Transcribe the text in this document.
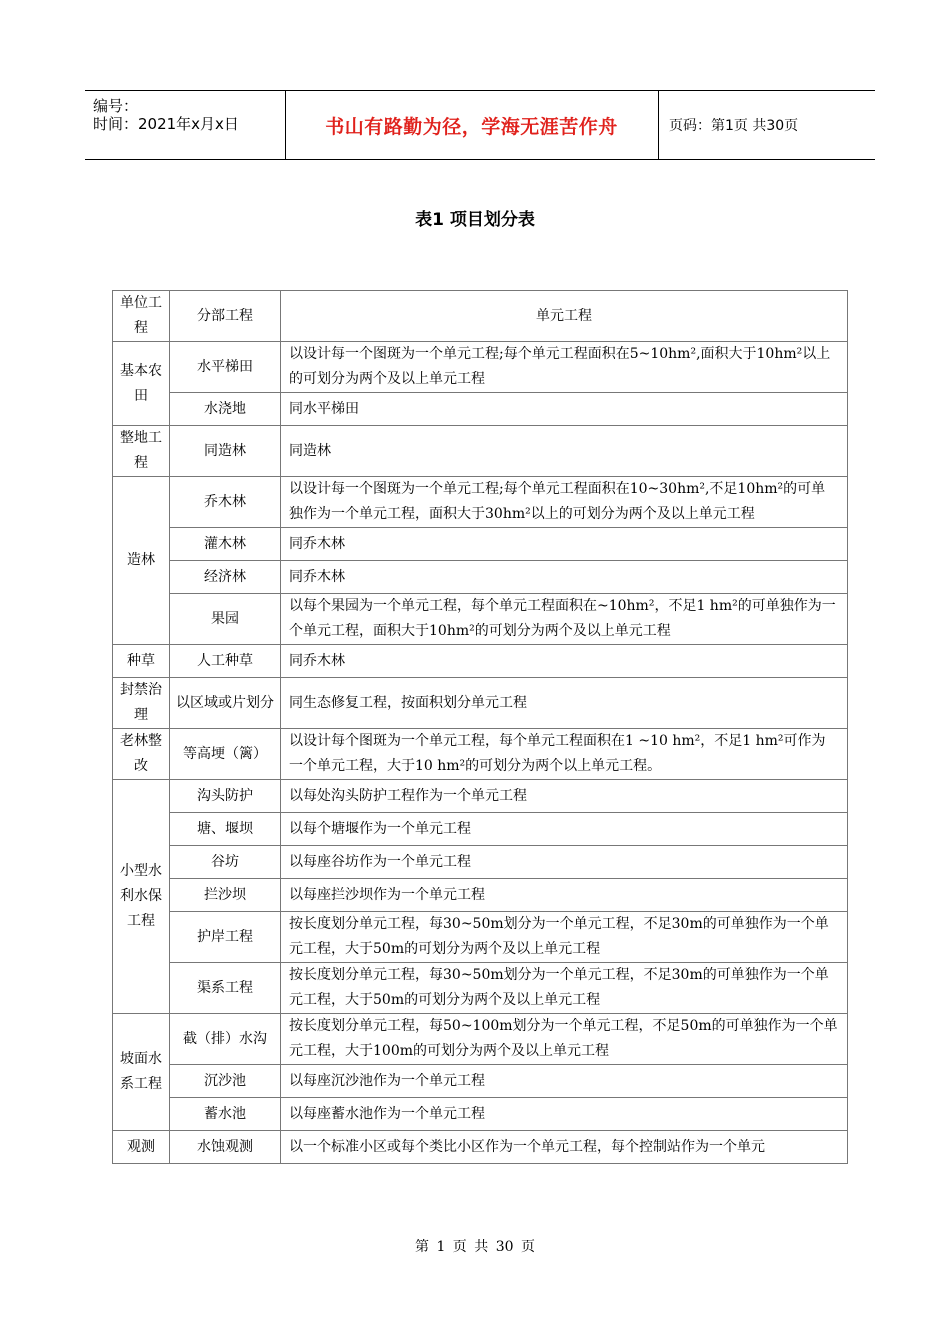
编号：
时间：2021年x月x日	书山有路勤为径，学海无涯苦作舟	页码：第1页 共30页
表1 项目划分表
单位工程	分部工程	单元工程
基本农田	水平梯田	以设计每一个图斑为一个单元工程;每个单元工程面积在5~10hm²,面积大于10hm²以上的可划分为两个及以上单元工程
	水浇地	同水平梯田
整地工程	同造林	同造林
造林	乔木林	以设计每一个图斑为一个单元工程;每个单元工程面积在10~30hm²,不足10hm²的可单独作为一个单元工程，面积大于30hm²以上的可划分为两个及以上单元工程
	灌木林	同乔木林
	经济林	同乔木林
	果园	以每个果园为一个单元工程，每个单元工程面积在~10hm²，不足1 hm²的可单独作为一个单元工程，面积大于10hm²的可划分为两个及以上单元工程
种草	人工种草	同乔木林
封禁治理	以区域或片划分	同生态修复工程，按面积划分单元工程
老林整改	等高埂（篱）	以设计每个图斑为一个单元工程，每个单元工程面积在1 ~10 hm²，不足1 hm²可作为一个单元工程，大于10 hm²的可划分为两个以上单元工程。
小型水利水保工程	沟头防护	以每处沟头防护工程作为一个单元工程
	塘、堰坝	以每个塘堰作为一个单元工程
	谷坊	以每座谷坊作为一个单元工程
	拦沙坝	以每座拦沙坝作为一个单元工程
	护岸工程	按长度划分单元工程，每30~50m划分为一个单元工程，不足30m的可单独作为一个单元工程，大于50m的可划分为两个及以上单元工程
	渠系工程	按长度划分单元工程，每30~50m划分为一个单元工程，不足30m的可单独作为一个单元工程，大于50m的可划分为两个及以上单元工程
坡面水系工程	截（排）水沟	按长度划分单元工程，每50~100m划分为一个单元工程，不足50m的可单独作为一个单元工程，大于100m的可划分为两个及以上单元工程
	沉沙池	以每座沉沙池作为一个单元工程
	蓄水池	以每座蓄水池作为一个单元工程
观测	水蚀观测	以一个标准小区或每个类比小区作为一个单元工程，每个控制站作为一个单元
第 1 页 共 30 页
